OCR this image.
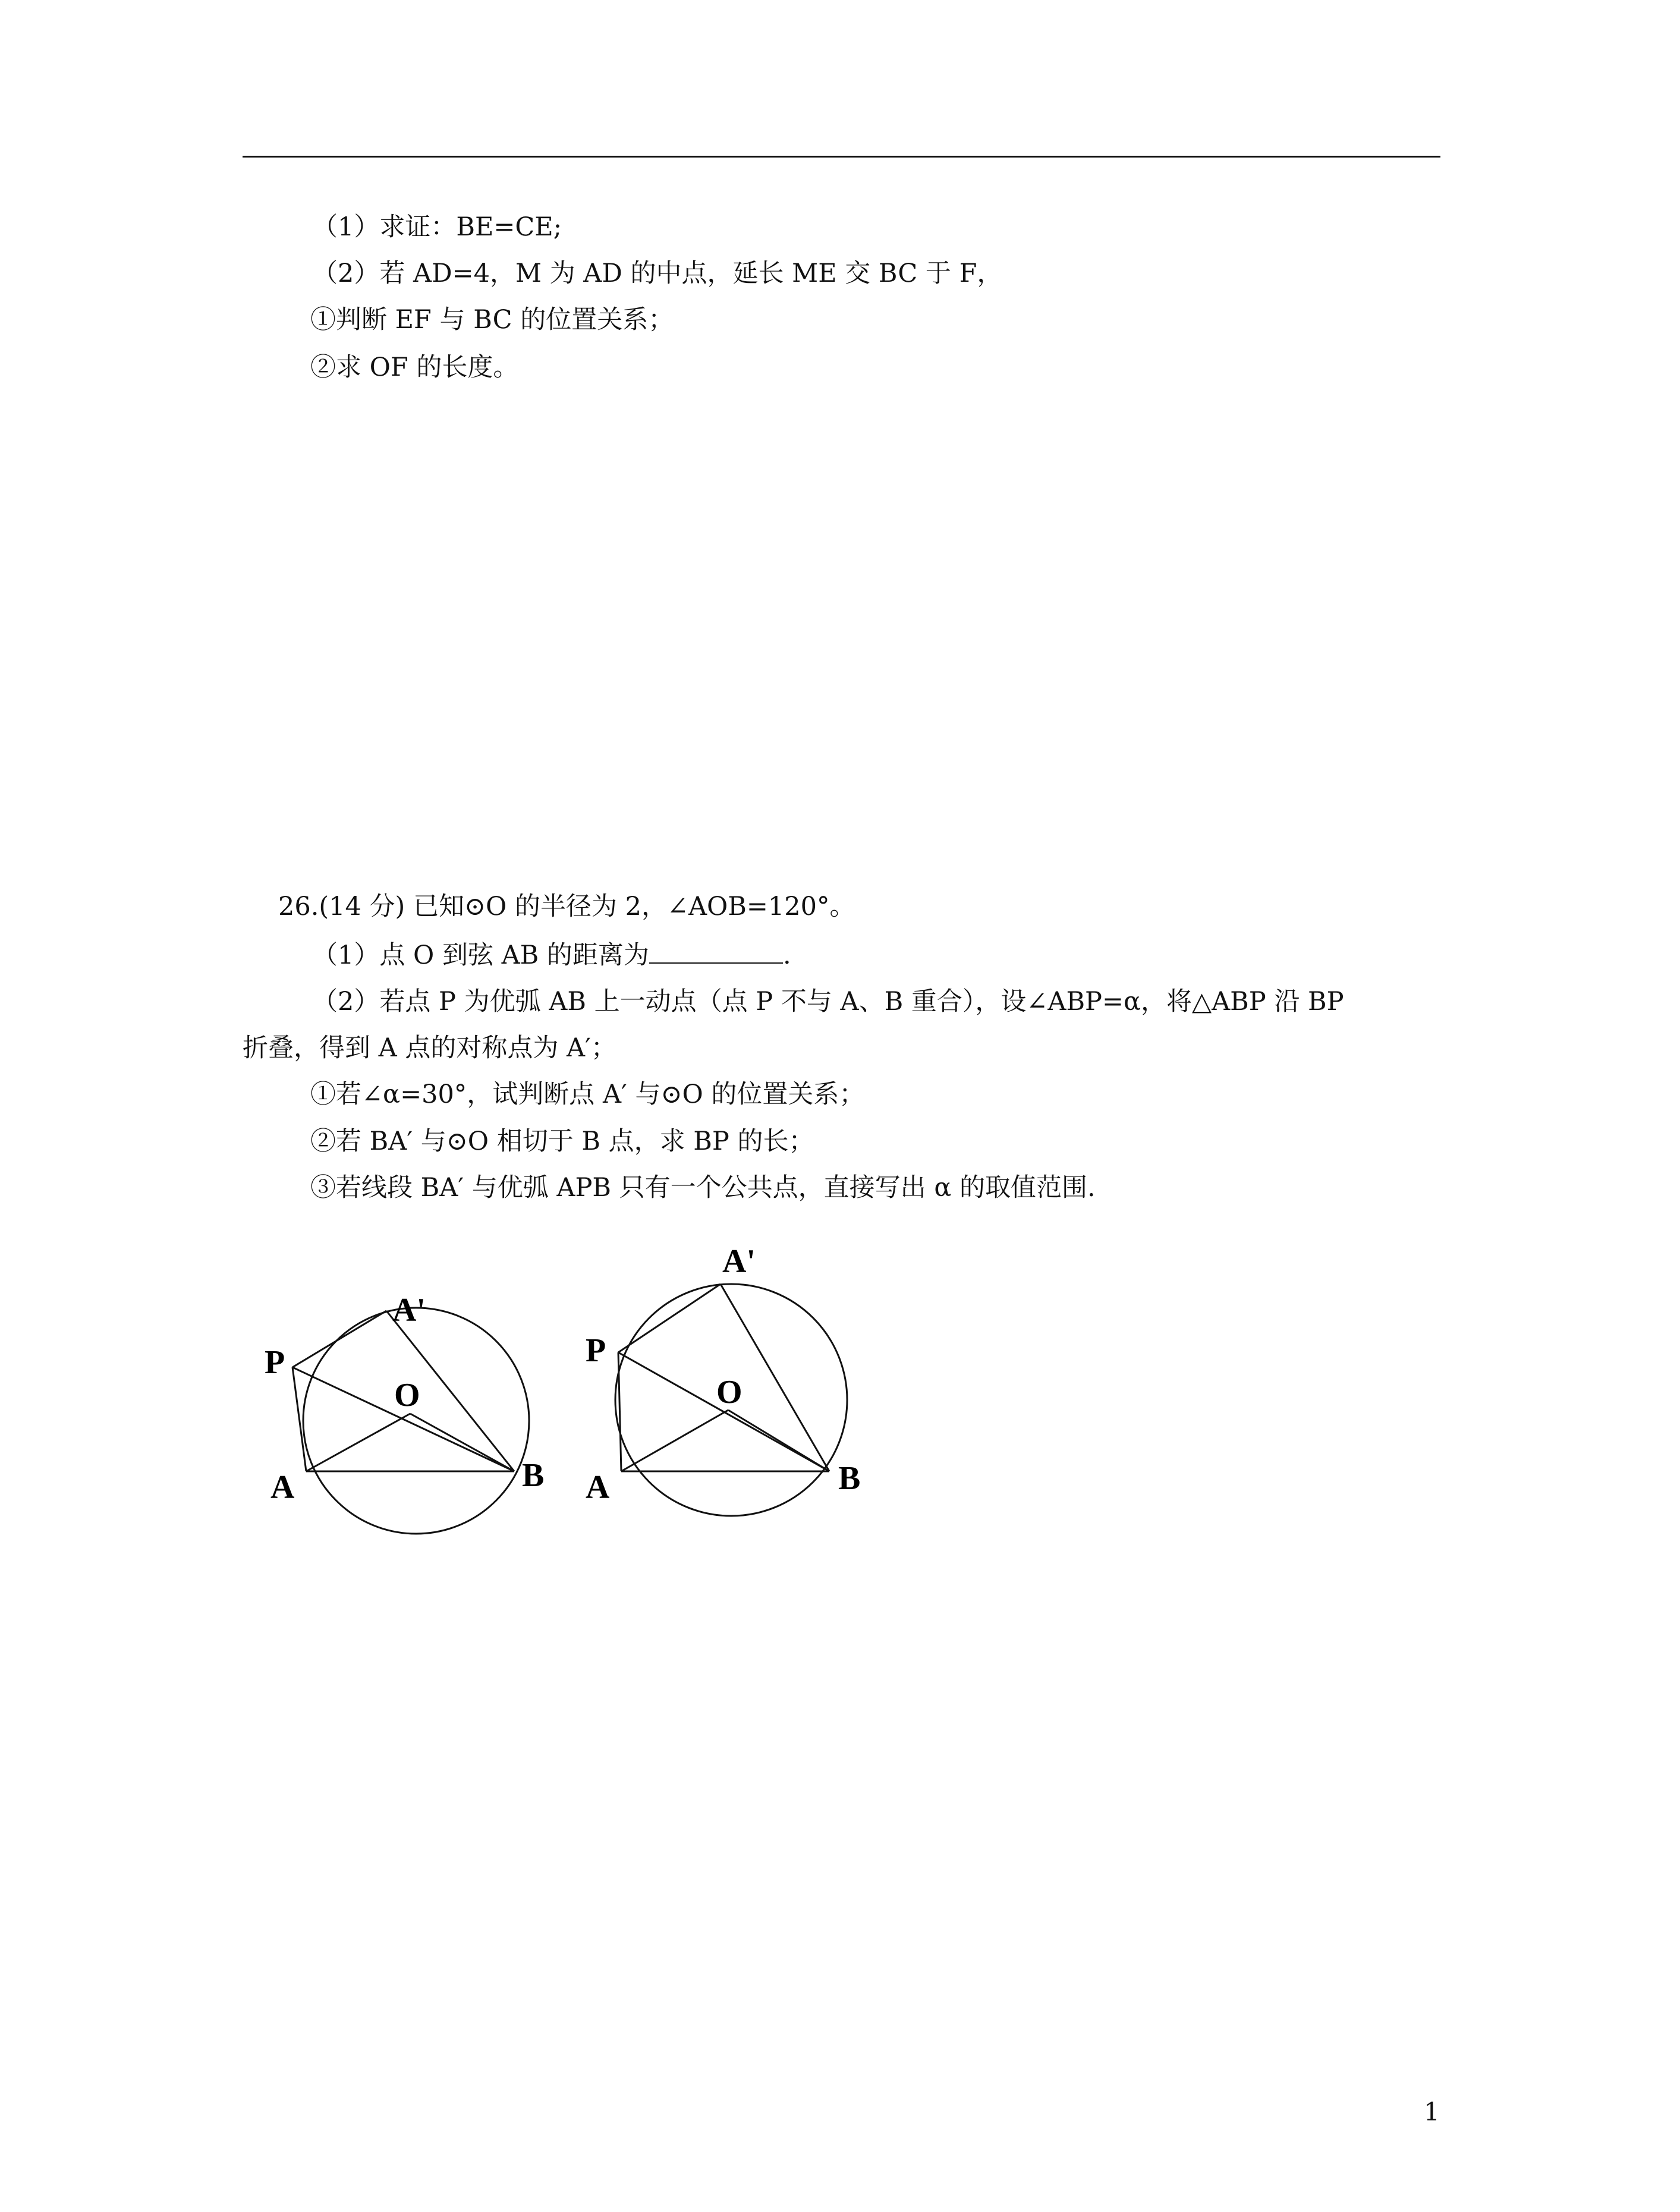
（1）求证：BE=CE;
（2）若 AD=4，M 为 AD 的中点，延长 ME 交 BC 于 F，
①判断 EF 与 BC 的位置关系；
②求 OF 的长度。
26.(14 分) 已知⊙O 的半径为 2，∠AOB=120°。
（1）点 O 到弦 AB 的距离为	.
（2）若点 P 为优弧 AB 上一动点（点 P 不与 A、B 重合），设∠ABP=α，将△ABP 沿 BP
折叠，得到 A 点的对称点为 A′；
①若∠α=30°，试判断点 A′ 与⊙O 的位置关系；
②若 BA′ 与⊙O 相切于 B 点，求 BP 的长；
③若线段 BA′ 与优弧 APB 只有一个公共点，直接写出 α 的取值范围.
A'
P
O
A	B
A'
P
O
A	B
1
